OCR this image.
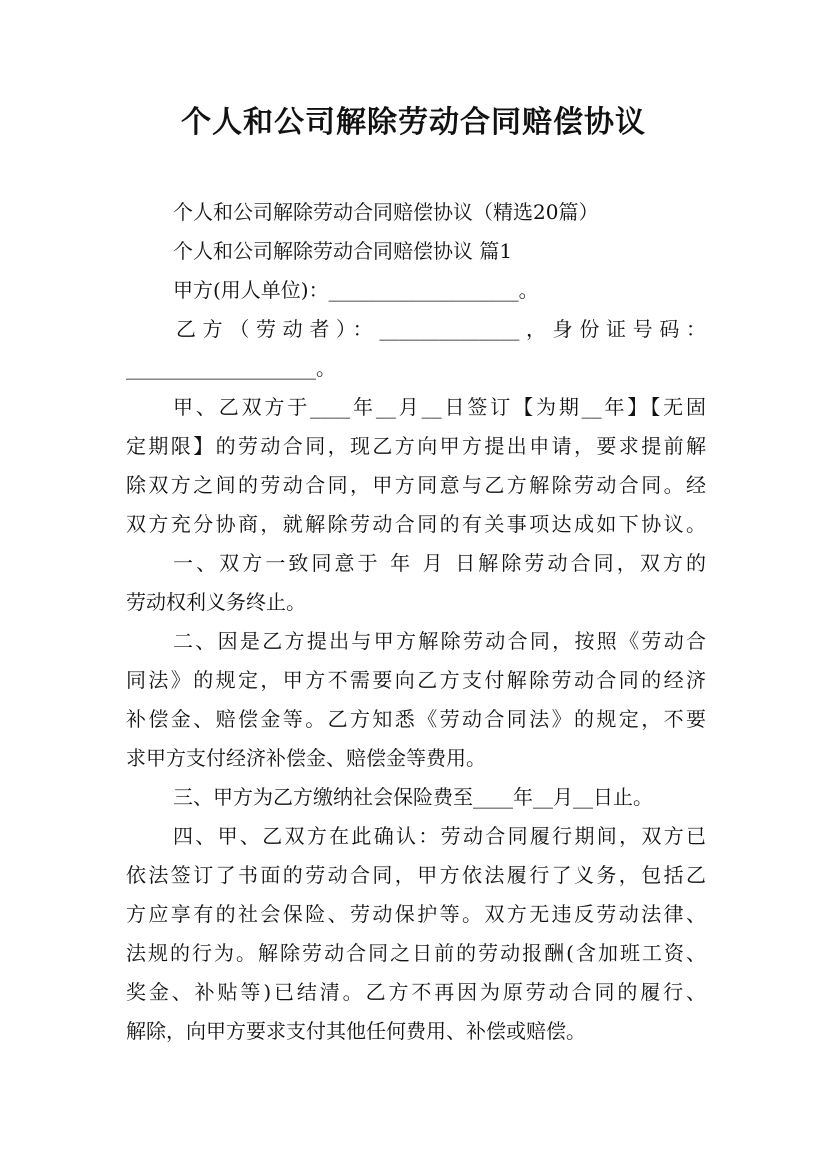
个人和公司解除劳动合同赔偿协议
个人和公司解除劳动合同赔偿协议（精选20篇）
个人和公司解除劳动合同赔偿协议 篇1
甲方(用人单位)：___________________。
乙方（劳动者）：______________，身份证号码：
___________________。
甲、乙双方于____年__月__日签订【为期__年】【无固
定期限】的劳动合同，现乙方向甲方提出申请，要求提前解
除双方之间的劳动合同，甲方同意与乙方解除劳动合同。经
双方充分协商，就解除劳动合同的有关事项达成如下协议。
一、双方一致同意于 年 月 日解除劳动合同，双方的
劳动权利义务终止。
二、因是乙方提出与甲方解除劳动合同，按照《劳动合
同法》的规定，甲方不需要向乙方支付解除劳动合同的经济
补偿金、赔偿金等。乙方知悉《劳动合同法》的规定，不要
求甲方支付经济补偿金、赔偿金等费用。
三、甲方为乙方缴纳社会保险费至____年__月__日止。
四、甲、乙双方在此确认：劳动合同履行期间，双方已
依法签订了书面的劳动合同，甲方依法履行了义务，包括乙
方应享有的社会保险、劳动保护等。双方无违反劳动法律、
法规的行为。解除劳动合同之日前的劳动报酬(含加班工资、
奖金、补贴等)已结清。乙方不再因为原劳动合同的履行、
解除，向甲方要求支付其他任何费用、补偿或赔偿。
